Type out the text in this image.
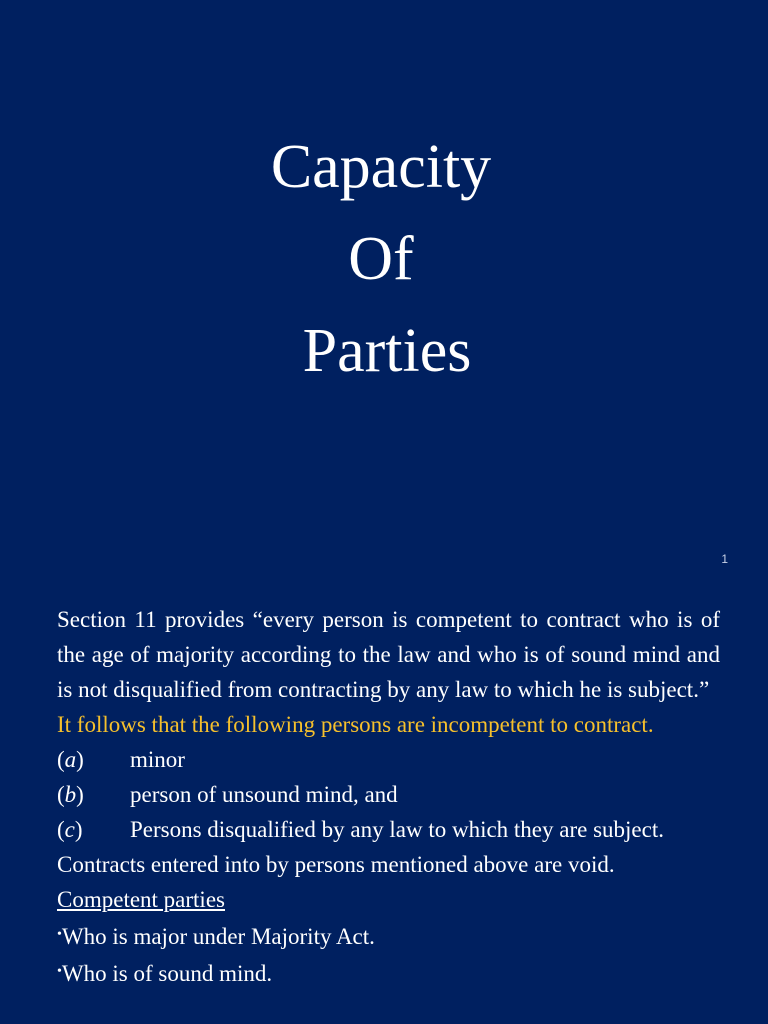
Capacity
Of
Parties
1

Section 11 provides “every person is competent to contract who is of the age of majority according to the law and who is of sound mind and is not disqualified from contracting by any law to which he is subject.”

It follows that the following persons are incompetent to contract.

(a)	minor
(b)	person of unsound mind, and
(c)	Persons disqualified by any law to which they are subject.

Contracts entered into by persons mentioned above are void.

Competent parties

•Who is major under Majority Act.

•Who is of sound mind.
